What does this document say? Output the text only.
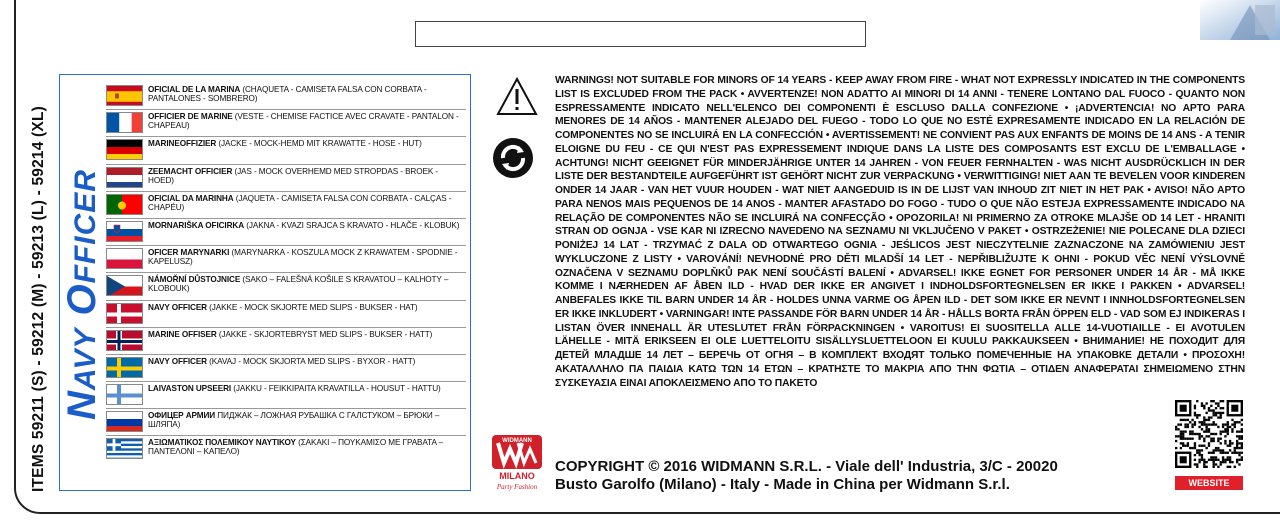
ITEMS 59211 (S) - 59212 (M) - 59213 (L) - 59214 (XL) NAVY OFFICER
OFICIAL DE LA MARINA (CHAQUETA - CAMISETA FALSA CON CORBATA - PANTALONES - SOMBRERO)
OFFICIER DE MARINE (VESTE - CHEMISE FACTICE AVEC CRAVATE - PANTALON - CHAPEAU)
MARINEOFFIZIER (JACKE - MOCK-HEMD MIT KRAWATTE - HOSE - HUT)
ZEEMACHT OFFICIER (JAS - MOCK OVERHEMD MED STROPDAS - BROEK - HOED)
OFICIAL DA MARINHA (JAQUETA - CAMISETA FALSA CON CORBATA - CALÇAS - CHAPÉU)
MORNARIŠKA OFICIRKA (JAKNA - KVAZI SRAJCA S KRAVATO - HLAČE - KLOBUK)
OFICER MARYNARKI (MARYNARKA - KOSZULA MOCK Z KRAWATEM - SPODNIE - KAPELUSZ)
NÁMOŘNÍ DŮSTOJNICE (SAKO – FALEŠNÁ KOŠILE S KRAVATOU – KALHOTY – KLOBOUK)
NAVY OFFICER (JAKKE - MOCK SKJORTE MED SLIPS - BUKSER - HAT)
MARINE OFFISER (JAKKE - SKJORTEBRYST MED SLIPS - BUKSER - HATT)
NAVY OFFICER (KAVAJ - MOCK SKJORTA MED SLIPS - BYXOR - HATT)
LAIVASTON UPSEERI (JAKKU - FEIKKIPAITA KRAVATILLA - HOUSUT - HATTU)
ОФИЦЕР АРМИИ ПИДЖАК – ЛОЖНАЯ РУБАШКА С ГАЛСТУКОМ – БРЮКИ – ШЛЯПА)
ΑΞΙΩΜΑΤΙΚΟΣ ΠΟΛΕΜΙΚΟΥ ΝΑΥΤΙΚΟΥ (ΣΑΚΑΚΙ – ΠΟΥΚΑΜΙΣΟ ΜΕ ΓΡΑΒΑΤΑ – ΠΑΝΤΕΛΟΝΙ – ΚΑΠΕΛΟ)
WARNINGS! NOT SUITABLE FOR MINORS OF 14 YEARS - KEEP AWAY FROM FIRE - WHAT NOT EXPRESSLY INDICATED IN THE COMPONENTS LIST IS EXCLUDED FROM THE PACK • AVVERTENZE! NON ADATTO AI MINORI DI 14 ANNI - TENERE LONTANO DAL FUOCO - QUANTO NON ESPRESSAMENTE INDICATO NELL'ELENCO DEI COMPONENTI È ESCLUSO DALLA CONFEZIONE • ¡ADVERTENCIA! NO APTO PARA MENORES DE 14 AÑOS - MANTENER ALEJADO DEL FUEGO - TODO LO QUE NO ESTÉ EXPRESAMENTE INDICADO EN LA RELACIÓN DE COMPONENTES NO SE INCLUIRÁ EN LA CONFECCIÓN • AVERTISSEMENT! NE CONVIENT PAS AUX ENFANTS DE MOINS DE 14 ANS - A TENIR ELOIGNE DU FEU - CE QUI N'EST PAS EXPRESSEMENT INDIQUE DANS LA LISTE DES COMPOSANTS EST EXCLU DE L'EMBALLAGE • ACHTUNG! NICHT GEEIGNET FÜR MINDERJÄHRIGE UNTER 14 JAHREN - VON FEUER FERNHALTEN - WAS NICHT AUSDRÜCKLICH IN DER LISTE DER BESTANDTEILE AUFGEFÜHRT IST GEHÖRT NICHT ZUR VERPACKUNG • VERWITTIGING! NIET AAN TE BEVELEN VOOR KINDEREN ONDER 14 JAAR - VAN HET VUUR HOUDEN - WAT NIET AANGEDUID IS IN DE LIJST VAN INHOUD ZIT NIET IN HET PAK • AVISO! NÃO APTO PARA NENOS MAIS PEQUENOS DE 14 ANOS - MANTER AFASTADO DO FOGO - TUDO O QUE NÃO ESTEJA EXPRESSAMENTE INDICADO NA RELAÇÃO DE COMPONENTES NÃO SE INCLUIRÁ NA CONFECÇÃO • OPOZORILA! NI PRIMERNO ZA OTROKE MLAJŠE OD 14 LET - HRANITI STRAN OD OGNJA - VSE KAR NI IZRECNO NAVEDENO NA SEZNAMU NI VKLJUČENO V PAKET • OSTRZEŻENIE! NIE POLECANE DLA DZIECI PONIŻEJ 14 LAT - TRZYMAĆ Z DALA OD OTWARTEGO OGNIA - JEŚLICOS JEST NIECZYTELNIE ZAZNACZONE NA ZAMÓWIENIU JEST WYKLUCZONE Z LISTY • VAROVÁNÍ! NEVHODNÉ PRO DĚTI MLADŠÍ 14 LET - NEPŘIBLIŽUJTE K OHNI - POKUD VĚC NENÍ VÝSLOVNĚ OZNAČENA V SEZNAMU DOPLŇKŮ PAK NENÍ SOUČÁSTÍ BALENÍ • ADVARSEL! IKKE EGNET FOR PERSONER UNDER 14 ÅR - MÅ IKKE KOMME I NÆRHEDEN AF ÅBEN ILD - HVAD DER IKKE ER ANGIVET I INDHOLDSFORTEGNELSEN ER IKKE I PAKKEN • ADVARSEL! ANBEFALES IKKE TIL BARN UNDER 14 ÅR - HOLDES UNNA VARME OG ÅPEN ILD - DET SOM IKKE ER NEVNT I INNHOLDSFORTEGNELSEN ER IKKE INKLUDERT • VARNINGAR! INTE PASSANDE FÖR BARN UNDER 14 ÅR - HÅLLS BORTA FRÅN ÖPPEN ELD - VAD SOM EJ INDIKERAS I LISTAN ÖVER INNEHALL ÄR UTESLUTET FRÅN FÖRPACKNINGEN • VAROITUS! EI SUOSITELLA ALLE 14-VUOTIAILLE - EI AVOTULEN LÄHELLE - MITÄ ERIKSEEN EI OLE LUETTELOITU SISÄLLYSLUETTELOON EI KUULU PAKKAUKSEEN • ВНИМАНИЕ! НЕ ПОХОДИТ ДЛЯ ДЕТЕЙ МЛАДШЕ 14 ЛЕТ – БЕРЕЧЬ ОТ ОГНЯ – В КОМПЛЕКТ ВХОДЯТ ТОЛЬКО ПОМЕЧЕННЫЕ НА УПАКОВКЕ ДЕТАЛИ • ΠΡΟΣΟΧΗ! ΑΚΑΤΑΛΛΗΛΟ ΠΑ ΠΑΙΔΙΑ ΚΑΤΩ ΤΩΝ 14 ΕΤΩΝ – ΚΡΑΤΗΣΤΕ ΤΟ ΜΑΚΡΙΑ ΑΠΟ ΤΗΝ ΦΩΤΙΑ – ΟΤΙΔΕΝ ΑΝΑΦΕΡΑΤΑΙ ΣΗΜΕΙΩΜΕΝΟ ΣΤΗΝ ΣΥΣΚΕΥΑΣΙΑ ΕΙΝΑΙ ΑΠΟΚΛΕΙΣΜΕΝΟ ΑΠΟ ΤΟ ΠΑΚΕΤΟ
WIDMANN
MILANO
Party Fashion
COPYRIGHT © 2016 WIDMANN S.R.L. - Viale dell' Industria, 3/C - 20020
Busto Garolfo (Milano) - Italy - Made in China per Widmann S.r.l.	WEBSITE
